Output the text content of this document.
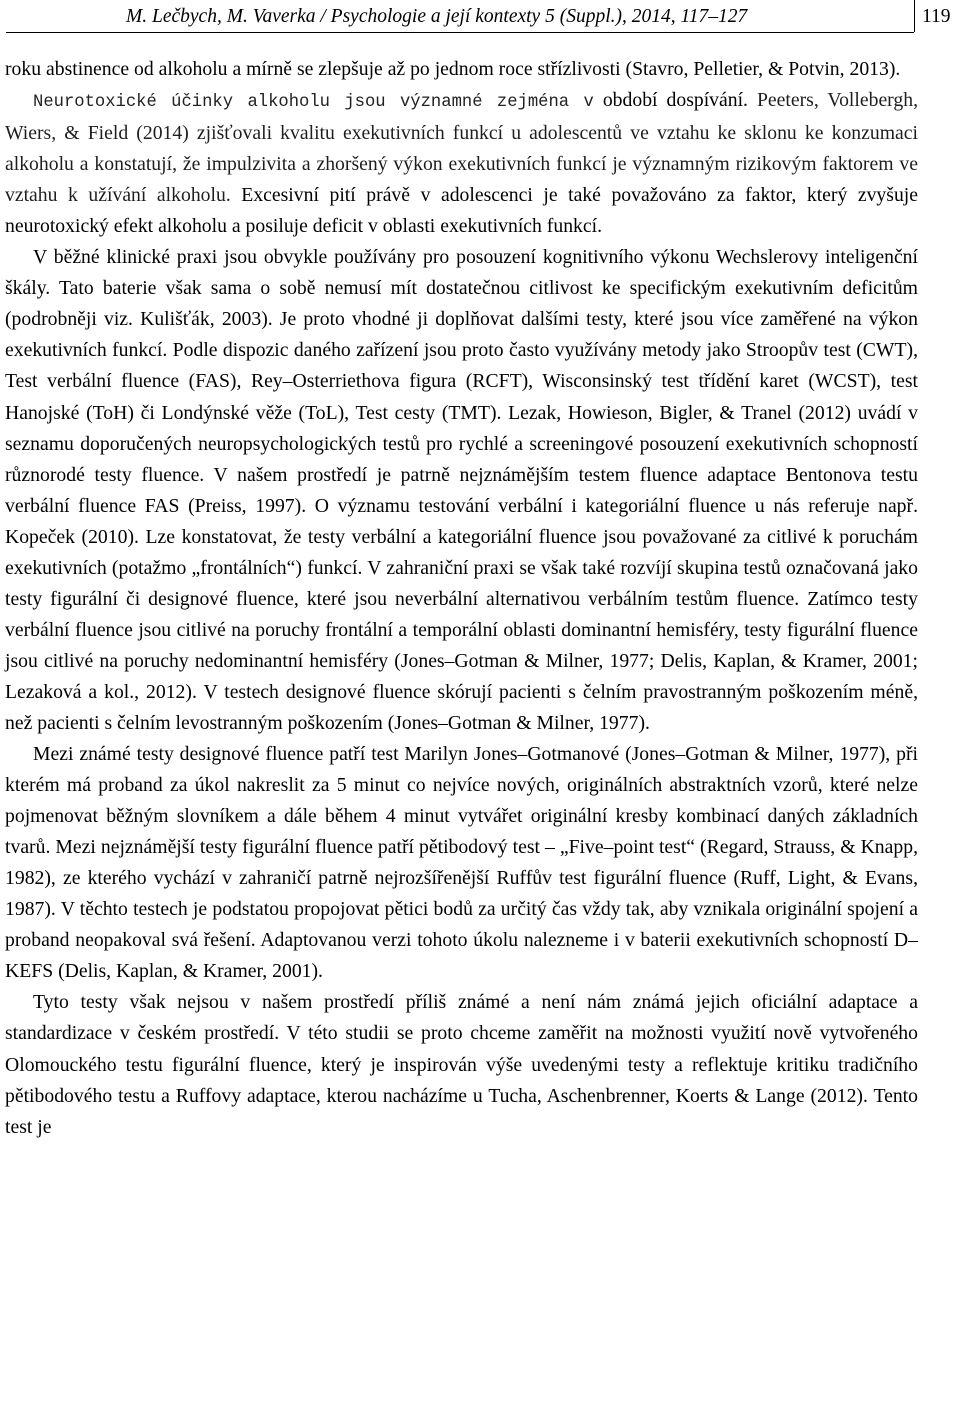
M. Lečbych, M. Vaverka / Psychologie a její kontexty 5 (Suppl.), 2014, 117–127	119

roku abstinence od alkoholu a mírně se zlepšuje až po jednom roce střízlivosti (Stavro, Pelletier, & Potvin, 2013).

Neurotoxické účinky alkoholu jsou významné zejména v období dospívání. Peeters, Vollebergh, Wiers, & Field (2014) zjišťovali kvalitu exekutivních funkcí u adolescentů ve vztahu ke sklonu ke konzumaci alkoholu a konstatují, že impulzivita a zhoršený výkon exekutivních funkcí je významným rizikovým faktorem ve vztahu k užívání alkoholu. Excesivní pití právě v adolescenci je také považováno za faktor, který zvyšuje neurotoxický efekt alkoholu a posiluje deficit v oblasti exekutivních funkcí.

V běžné klinické praxi jsou obvykle používány pro posouzení kognitivního výkonu Wechslerovy inteligenční škály. Tato baterie však sama o sobě nemusí mít dostatečnou citlivost ke specifickým exekutivním deficitům (podrobněji viz. Kulišťák, 2003). Je proto vhodné ji doplňovat dalšími testy, které jsou více zaměřené na výkon exekutivních funkcí. Podle dispozic daného zařízení jsou proto často využívány metody jako Stroopův test (CWT), Test verbální fluence (FAS), Rey–Osterriethova figura (RCFT), Wisconsinský test třídění karet (WCST), test Hanojské (ToH) či Londýnské věže (ToL), Test cesty (TMT). Lezak, Howieson, Bigler, & Tranel (2012) uvádí v seznamu doporučených neuropsychologických testů pro rychlé a screeningové posouzení exekutivních schopností různorodé testy fluence. V našem prostředí je patrně nejznámějším testem fluence adaptace Bentonova testu verbální fluence FAS (Preiss, 1997). O významu testování verbální i kategoriální fluence u nás referuje např. Kopeček (2010). Lze konstatovat, že testy verbální a kategoriální fluence jsou považované za citlivé k poruchám exekutivních (potažmo „frontálních“) funkcí. V zahraniční praxi se však také rozvíjí skupina testů označovaná jako testy figurální či designové fluence, které jsou neverbální alternativou verbálním testům fluence. Zatímco testy verbální fluence jsou citlivé na poruchy frontální a temporální oblasti dominantní hemisféry, testy figurální fluence jsou citlivé na poruchy nedominantní hemisféry (Jones–Gotman & Milner, 1977; Delis, Kaplan, & Kramer, 2001; Lezaková a kol., 2012). V testech designové fluence skórují pacienti s čelním pravostranným poškozením méně, než pacienti s čelním levostranným poškozením (Jones–Gotman & Milner, 1977).

Mezi známé testy designové fluence patří test Marilyn Jones–Gotmanové (Jones–Gotman & Milner, 1977), při kterém má proband za úkol nakreslit za 5 minut co nejvíce nových, originálních abstraktních vzorů, které nelze pojmenovat běžným slovníkem a dále během 4 minut vytvářet originální kresby kombinací daných základních tvarů. Mezi nejznámější testy figurální fluence patří pětibodový test – „Five–point test“ (Regard, Strauss, & Knapp, 1982), ze kterého vychází v zahraničí patrně nejrozšířenější Ruffův test figurální fluence (Ruff, Light, & Evans, 1987). V těchto testech je podstatou propojovat pětici bodů za určitý čas vždy tak, aby vznikala originální spojení a proband neopakoval svá řešení. Adaptovanou verzi tohoto úkolu nalezneme i v baterii exekutivních schopností D–KEFS (Delis, Kaplan, & Kramer, 2001).

Tyto testy však nejsou v našem prostředí příliš známé a není nám známá jejich oficiální adaptace a standardizace v českém prostředí. V této studii se proto chceme zaměřit na možnosti využití nově vytvořeného Olomouckého testu figurální fluence, který je inspirován výše uvedenými testy a reflektuje kritiku tradičního pětibodového testu a Ruffovy adaptace, kterou nacházíme u Tucha, Aschenbrenner, Koerts & Lange (2012). Tento test je
